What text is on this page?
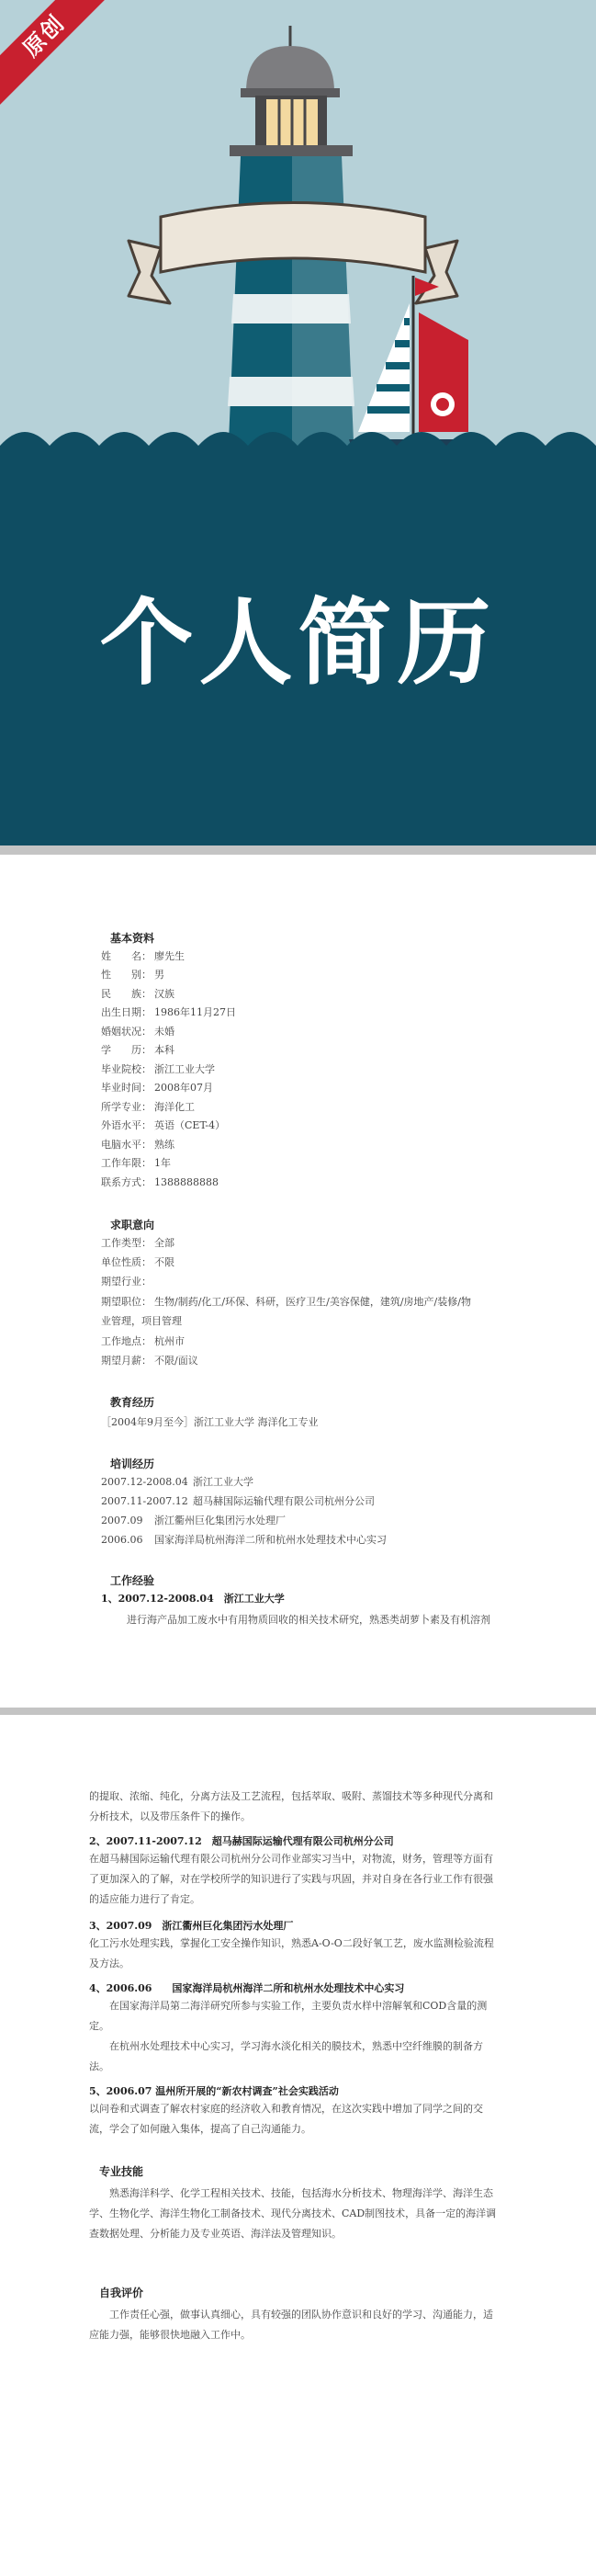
个人简历
原创
基本资料
姓　　名： 廖先生
性　　别： 男
民　　族： 汉族
出生日期： 1986年11月27日
婚姻状况： 未婚
学　　历： 本科
毕业院校： 浙江工业大学
毕业时间： 2008年07月
所学专业： 海洋化工
外语水平： 英语（CET-4）
电脑水平： 熟练
工作年限： 1年
联系方式： 1388888888
求职意向
工作类型： 全部
单位性质： 不限
期望行业：
期望职位： 生物/制药/化工/环保、科研，医疗卫生/美容保健，建筑/房地产/装修/物
业管理，项目管理
工作地点： 杭州市
期望月薪： 不限/面议
教育经历
［2004年9月至今］浙江工业大学 海洋化工专业
培训经历
2007.12-2008.04 浙江工业大学
2007.11-2007.12 超马赫国际运输代理有限公司杭州分公司
2007.09 浙江衢州巨化集团污水处理厂
2006.06 国家海洋局杭州海洋二所和杭州水处理技术中心实习
工作经验
1、2007.12-2008.04　浙江工业大学
进行海产品加工废水中有用物质回收的相关技术研究，熟悉类胡萝卜素及有机溶剂
的提取、浓缩、纯化，分离方法及工艺流程，包括萃取、吸附、蒸馏技术等多种现代分离和分析技术，以及带压条件下的操作。
2、2007.11-2007.12　超马赫国际运输代理有限公司杭州分公司
在超马赫国际运输代理有限公司杭州分公司作业部实习当中，对物流，财务，管理等方面有了更加深入的了解，对在学校所学的知识进行了实践与巩固，并对自身在各行业工作有很强的适应能力进行了肯定。
3、2007.09　浙江衢州巨化集团污水处理厂
化工污水处理实践，掌握化工安全操作知识，熟悉A-O-O二段好氧工艺，废水监测检验流程及方法。
4、2006.06　　国家海洋局杭州海洋二所和杭州水处理技术中心实习
　　在国家海洋局第二海洋研究所参与实验工作，主要负责水样中溶解氧和COD含量的测定。
　　在杭州水处理技术中心实习，学习海水淡化相关的膜技术，熟悉中空纤维膜的制备方法。
5、2006.07 温州所开展的“新农村调查”社会实践活动
以问卷和式调查了解农村家庭的经济收入和教育情况，在这次实践中增加了同学之间的交流，学会了如何融入集体，提高了自己沟通能力。
专业技能
　　熟悉海洋科学、化学工程相关技术、技能，包括海水分析技术、物理海洋学、海洋生态学、生物化学、海洋生物化工制备技术、现代分离技术、CAD制图技术，具备一定的海洋调查数据处理、分析能力及专业英语、海洋法及管理知识。
自我评价
　　工作责任心强，做事认真细心，具有较强的团队协作意识和良好的学习、沟通能力，适应能力强，能够很快地融入工作中。
